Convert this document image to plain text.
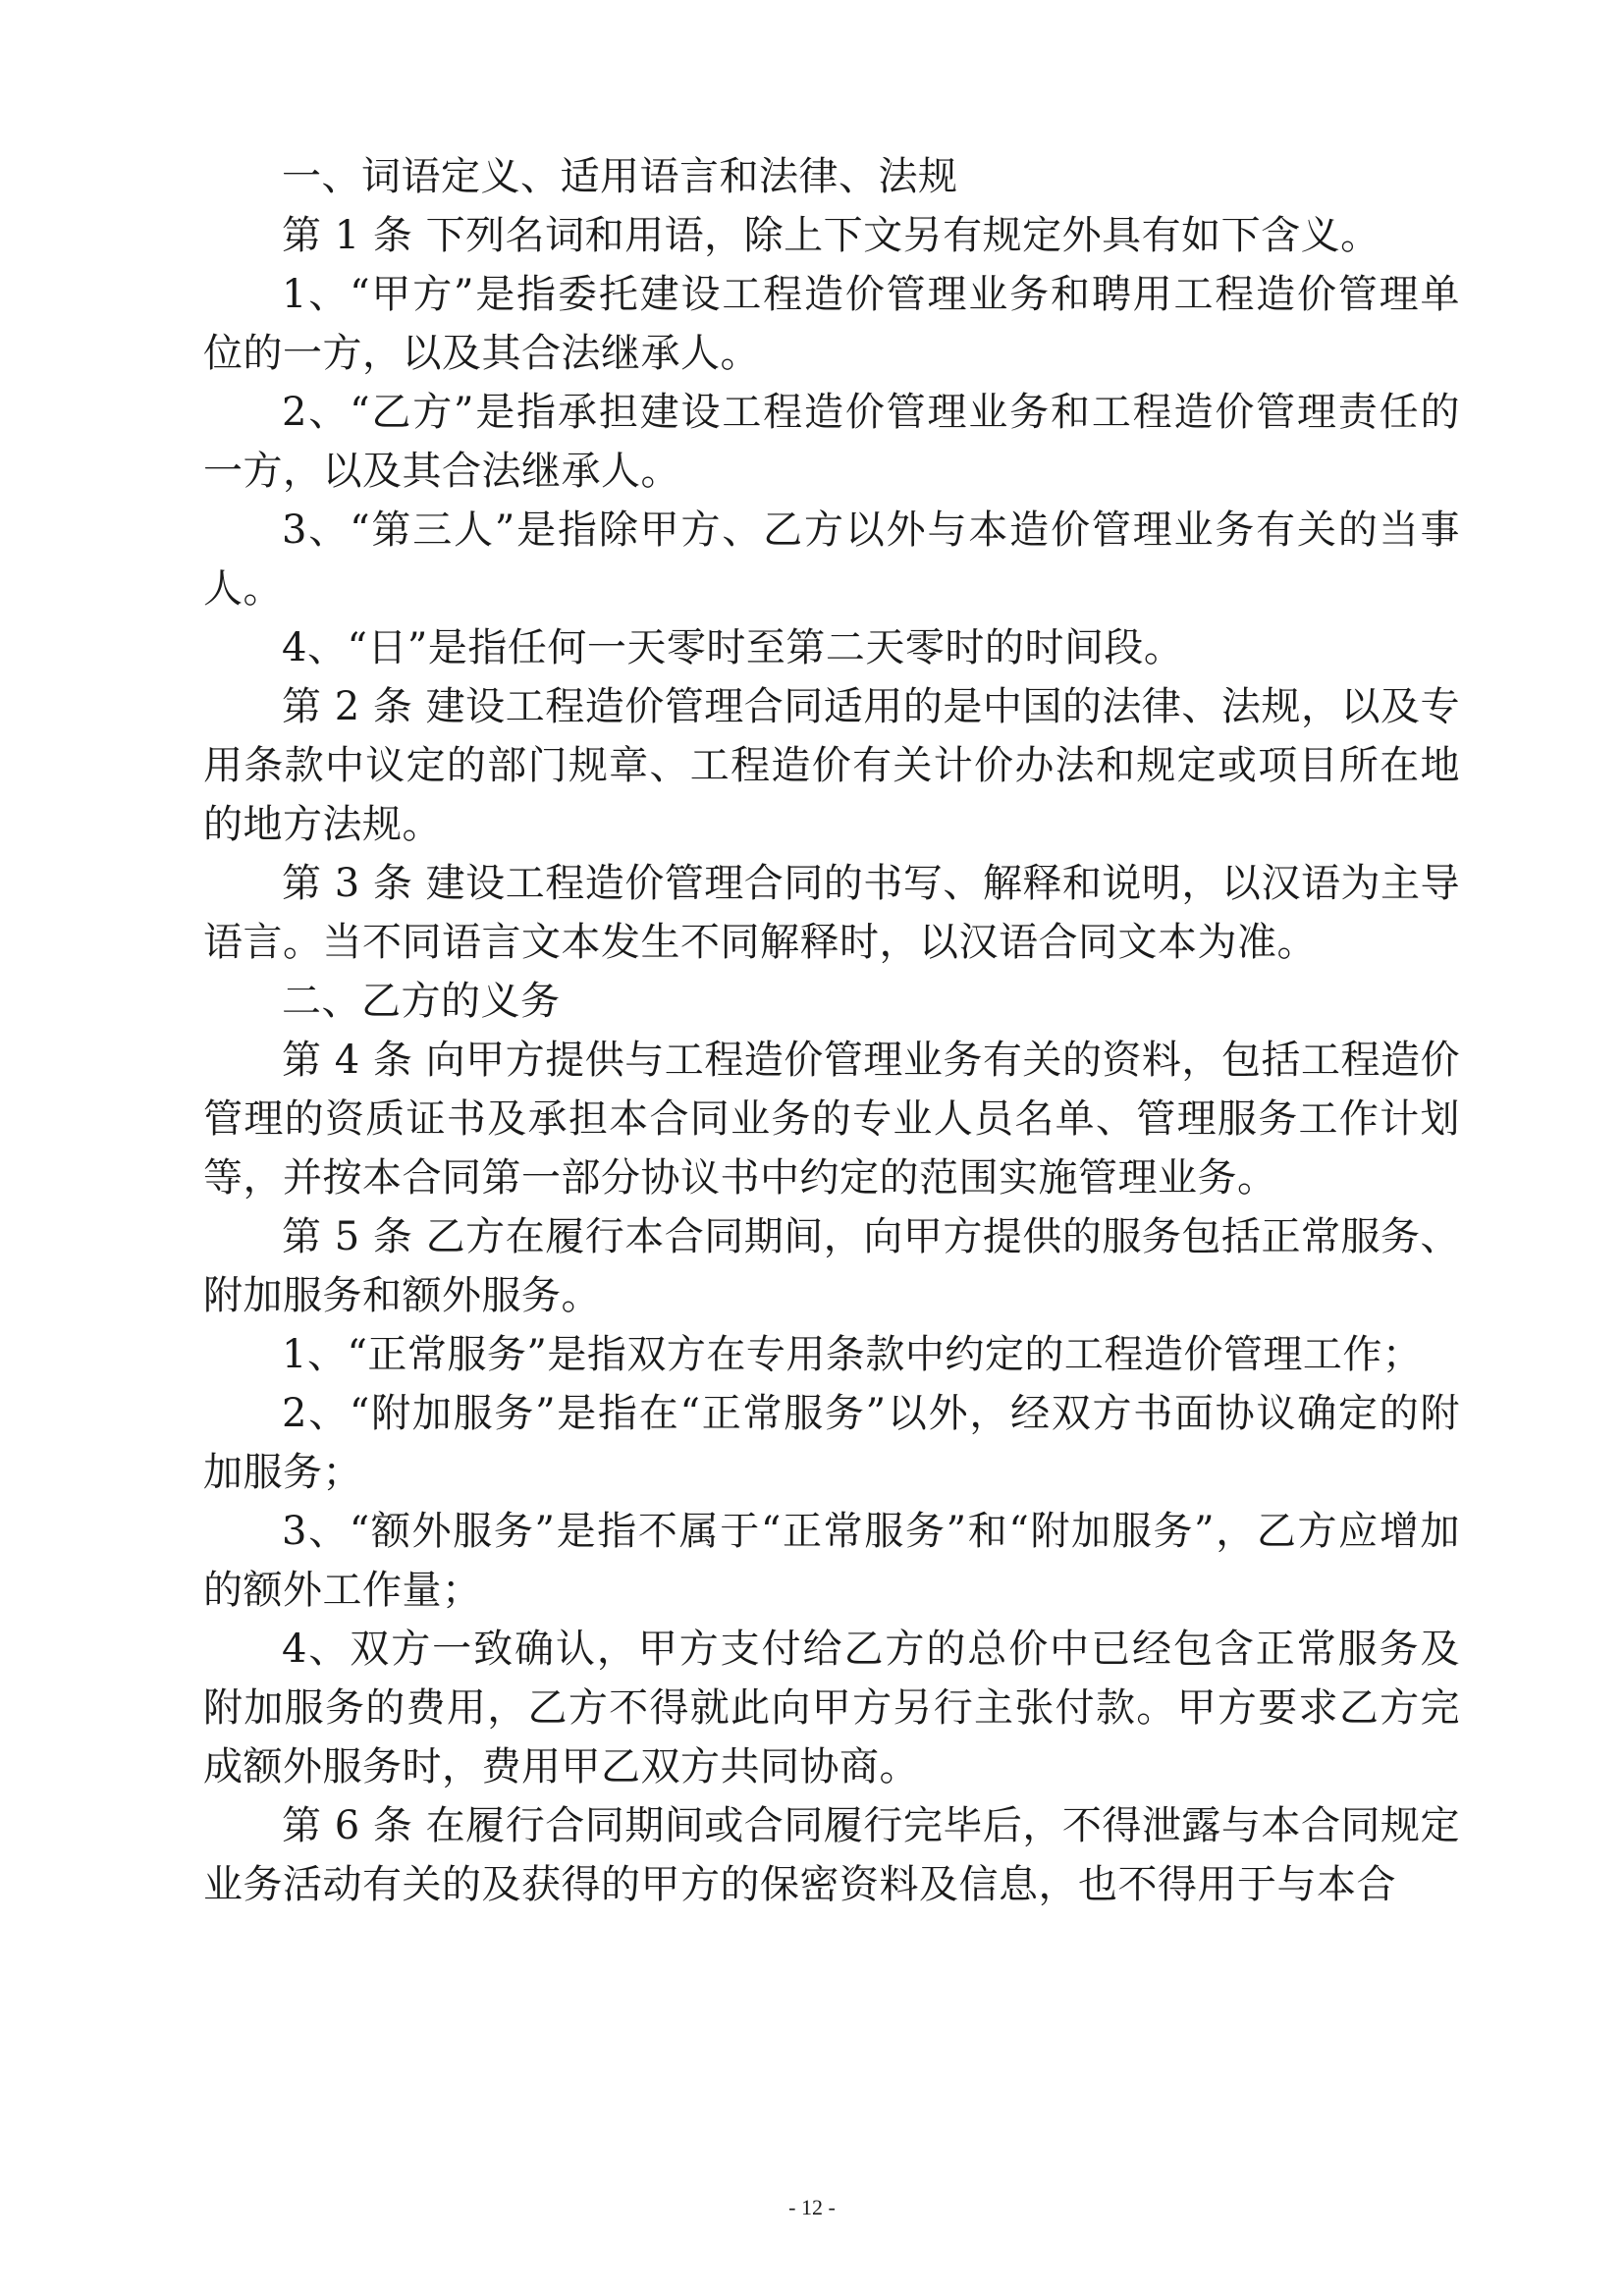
一、词语定义、适用语言和法律、法规

第 1 条 下列名词和用语，除上下文另有规定外具有如下含义。

1、“甲方”是指委托建设工程造价管理业务和聘用工程造价管理单位的一方，以及其合法继承人。

2、“乙方”是指承担建设工程造价管理业务和工程造价管理责任的一方，以及其合法继承人。

3、“第三人”是指除甲方、乙方以外与本造价管理业务有关的当事人。

4、“日”是指任何一天零时至第二天零时的时间段。

第 2 条 建设工程造价管理合同适用的是中国的法律、法规，以及专用条款中议定的部门规章、工程造价有关计价办法和规定或项目所在地的地方法规。

第 3 条 建设工程造价管理合同的书写、解释和说明，以汉语为主导语言。当不同语言文本发生不同解释时，以汉语合同文本为准。

二、乙方的义务

第 4 条 向甲方提供与工程造价管理业务有关的资料，包括工程造价管理的资质证书及承担本合同业务的专业人员名单、管理服务工作计划等，并按本合同第一部分协议书中约定的范围实施管理业务。

第 5 条 乙方在履行本合同期间，向甲方提供的服务包括正常服务、附加服务和额外服务。

1、“正常服务”是指双方在专用条款中约定的工程造价管理工作；

2、“附加服务”是指在“正常服务”以外，经双方书面协议确定的附加服务；

3、“额外服务”是指不属于“正常服务”和“附加服务”，乙方应增加的额外工作量；

4、双方一致确认，甲方支付给乙方的总价中已经包含正常服务及附加服务的费用，乙方不得就此向甲方另行主张付款。甲方要求乙方完成额外服务时，费用甲乙双方共同协商。

第 6 条 在履行合同期间或合同履行完毕后，不得泄露与本合同规定业务活动有关的及获得的甲方的保密资料及信息，也不得用于与本合

- 12 -
